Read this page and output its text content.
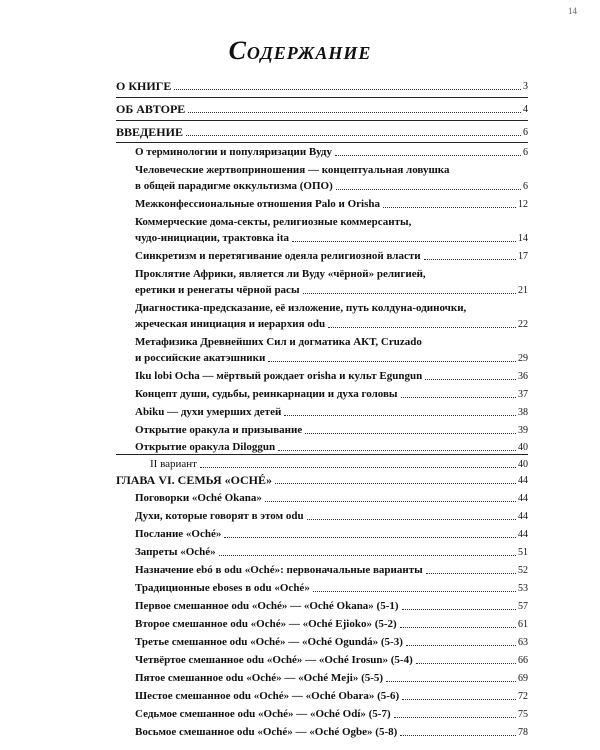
14
Содержание
О КНИГЕ	3
ОБ АВТОРЕ	4
ВВЕДЕНИЕ	6
О терминологии и популяризации Вуду	6
Человеческие жертвоприношения — концептуальная ловушка
в общей парадигме оккультизма (ОПО)	6
Межконфессиональные отношения Palo и Orisha	12
Коммерческие дома-секты, религиозные коммерсанты,
чудо-инициации, трактовка ita	14
Синкретизм и перетягивание одеяла религиозной власти	17
Проклятие Африки, является ли Вуду «чёрной» религией,
еретики и ренегаты чёрной расы	21
Диагностика-предсказание, её изложение, путь колдуна-одиночки,
жреческая инициация и иерархия odu	22
Метафизика Древнейших Сил и догматика АКТ, Cruzado
и российские акатэшники	29
Iku lobi Ocha — мёртвый рождает orisha и культ Egungun	36
Концепт души, судьбы, реинкарнации и духа головы	37
Abiku — духи умерших детей	38
Открытие оракула и призывание	39
Открытие оракула Diloggun	40
II вариант	40
ГЛАВА VI. СЕМЬЯ «OCHÉ»	44
Поговорки «Oché Okana»	44
Духи, которые говорят в этом odu	44
Послание «Oché»	44
Запреты «Oché»	51
Назначение ebó в odu «Oché»: первоначальные варианты	52
Традиционные eboses в odu «Oché»	53
Первое смешанное odu «Oché» — «Oché Okana» (5-1)	57
Второе смешанное odu «Oché» — «Oché Ejioko» (5-2)	61
Третье смешанное odu «Oché» — «Oché Ogundá» (5-3)	63
Четвёртое смешанное odu «Oché» — «Oché Irosun» (5-4)	66
Пятое смешанное odu «Oché» — «Oché Meji» (5-5)	69
Шестое смешанное odu «Oché» — «Oché Obara» (5-6)	72
Седьмое смешанное odu «Oché» — «Oché Odí» (5-7)	75
Восьмое смешанное odu «Oché» — «Oché Ogbe» (5-8)	78
